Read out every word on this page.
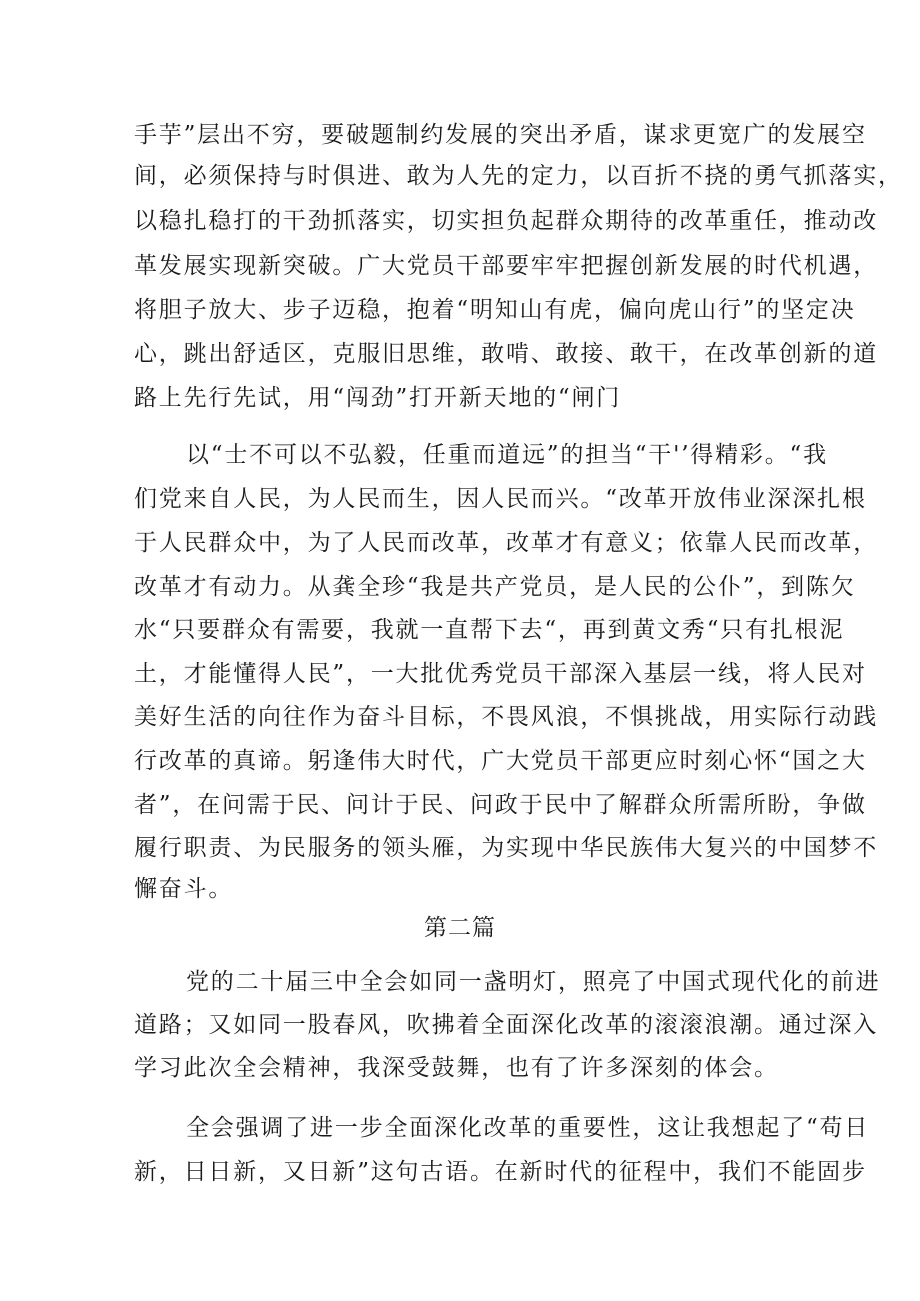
手芋”层出不穷，要破题制约发展的突出矛盾，谋求更宽广的发展空
间，必须保持与时俱进、敢为人先的定力，以百折不挠的勇气抓落实，
以稳扎稳打的干劲抓落实，切实担负起群众期待的改革重任，推动改
革发展实现新突破。广大党员干部要牢牢把握创新发展的时代机遇，
将胆子放大、步子迈稳，抱着“明知山有虎，偏向虎山行”的坚定决
心，跳出舒适区，克服旧思维，敢啃、敢接、敢干，在改革创新的道
路上先行先试，用“闯劲”打开新天地的“闸门
以“士不可以不弘毅，任重而道远”的担当“干'’得精彩。“我
们党来自人民，为人民而生，因人民而兴。“改革开放伟业深深扎根
于人民群众中，为了人民而改革，改革才有意义；依靠人民而改革，
改革才有动力。从龚全珍“我是共产党员，是人民的公仆”，到陈欠
水“只要群众有需要，我就一直帮下去“，再到黄文秀“只有扎根泥
土，才能懂得人民”，一大批优秀党员干部深入基层一线，将人民对
美好生活的向往作为奋斗目标，不畏风浪，不惧挑战，用实际行动践
行改革的真谛。躬逢伟大时代，广大党员干部更应时刻心怀“国之大
者”，在问需于民、问计于民、问政于民中了解群众所需所盼，争做
履行职责、为民服务的领头雁，为实现中华民族伟大复兴的中国梦不
懈奋斗。
第二篇
党的二十届三中全会如同一盏明灯，照亮了中国式现代化的前进
道路；又如同一股春风，吹拂着全面深化改革的滚滚浪潮。通过深入
学习此次全会精神，我深受鼓舞，也有了许多深刻的体会。
全会强调了进一步全面深化改革的重要性，这让我想起了“苟日
新，日日新，又日新”这句古语。在新时代的征程中，我们不能固步
